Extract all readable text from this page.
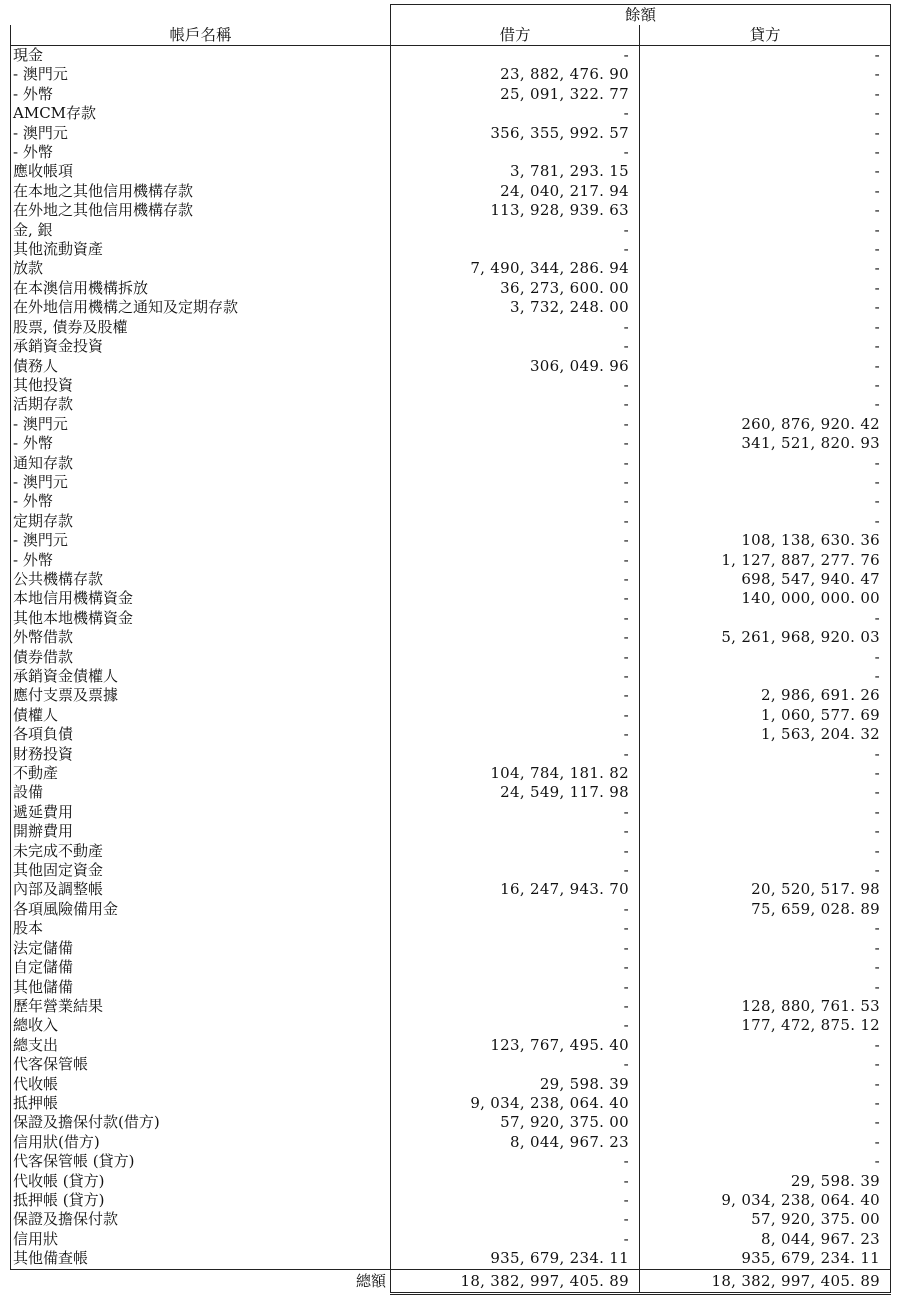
	餘額	
帳戶名稱	借方	貸方
現金	-	-
- 澳門元	23, 882, 476. 90	-
- 外幣	25, 091, 322. 77	-
AMCM存款	-	-
- 澳門元	356, 355, 992. 57	-
- 外幣	-	-
應收帳項	3, 781, 293. 15	-
在本地之其他信用機構存款	24, 040, 217. 94	-
在外地之其他信用機構存款	113, 928, 939. 63	-
金, 銀	-	-
其他流動資產	-	-
放款	7, 490, 344, 286. 94	-
在本澳信用機構拆放	36, 273, 600. 00	-
在外地信用機構之通知及定期存款	3, 732, 248. 00	-
股票, 債券及股權	-	-
承銷資金投資	-	-
債務人	306, 049. 96	-
其他投資	-	-
活期存款	-	-
- 澳門元	-	260, 876, 920. 42
- 外幣	-	341, 521, 820. 93
通知存款	-	-
- 澳門元	-	-
- 外幣	-	-
定期存款	-	-
- 澳門元	-	108, 138, 630. 36
- 外幣	-	1, 127, 887, 277. 76
公共機構存款	-	698, 547, 940. 47
本地信用機構資金	-	140, 000, 000. 00
其他本地機構資金	-	-
外幣借款	-	5, 261, 968, 920. 03
債券借款	-	-
承銷資金債權人	-	-
應付支票及票據	-	2, 986, 691. 26
債權人	-	1, 060, 577. 69
各項負債	-	1, 563, 204. 32
財務投資	-	-
不動產	104, 784, 181. 82	-
設備	24, 549, 117. 98	-
遞延費用	-	-
開辦費用	-	-
未完成不動產	-	-
其他固定資金	-	-
內部及調整帳	16, 247, 943. 70	20, 520, 517. 98
各項風險備用金	-	75, 659, 028. 89
股本	-	-
法定儲備	-	-
自定儲備	-	-
其他儲備	-	-
歷年營業結果	-	128, 880, 761. 53
總收入	-	177, 472, 875. 12
總支出	123, 767, 495. 40	-
代客保管帳	-	-
代收帳	29, 598. 39	-
抵押帳	9, 034, 238, 064. 40	-
保證及擔保付款(借方)	57, 920, 375. 00	-
信用狀(借方)	8, 044, 967. 23	-
代客保管帳 (貸方)	-	-
代收帳 (貸方)	-	29, 598. 39
抵押帳 (貸方)	-	9, 034, 238, 064. 40
保證及擔保付款	-	57, 920, 375. 00
信用狀	-	8, 044, 967. 23
其他備查帳	935, 679, 234. 11	935, 679, 234. 11
總額	18, 382, 997, 405. 89	18, 382, 997, 405. 89
